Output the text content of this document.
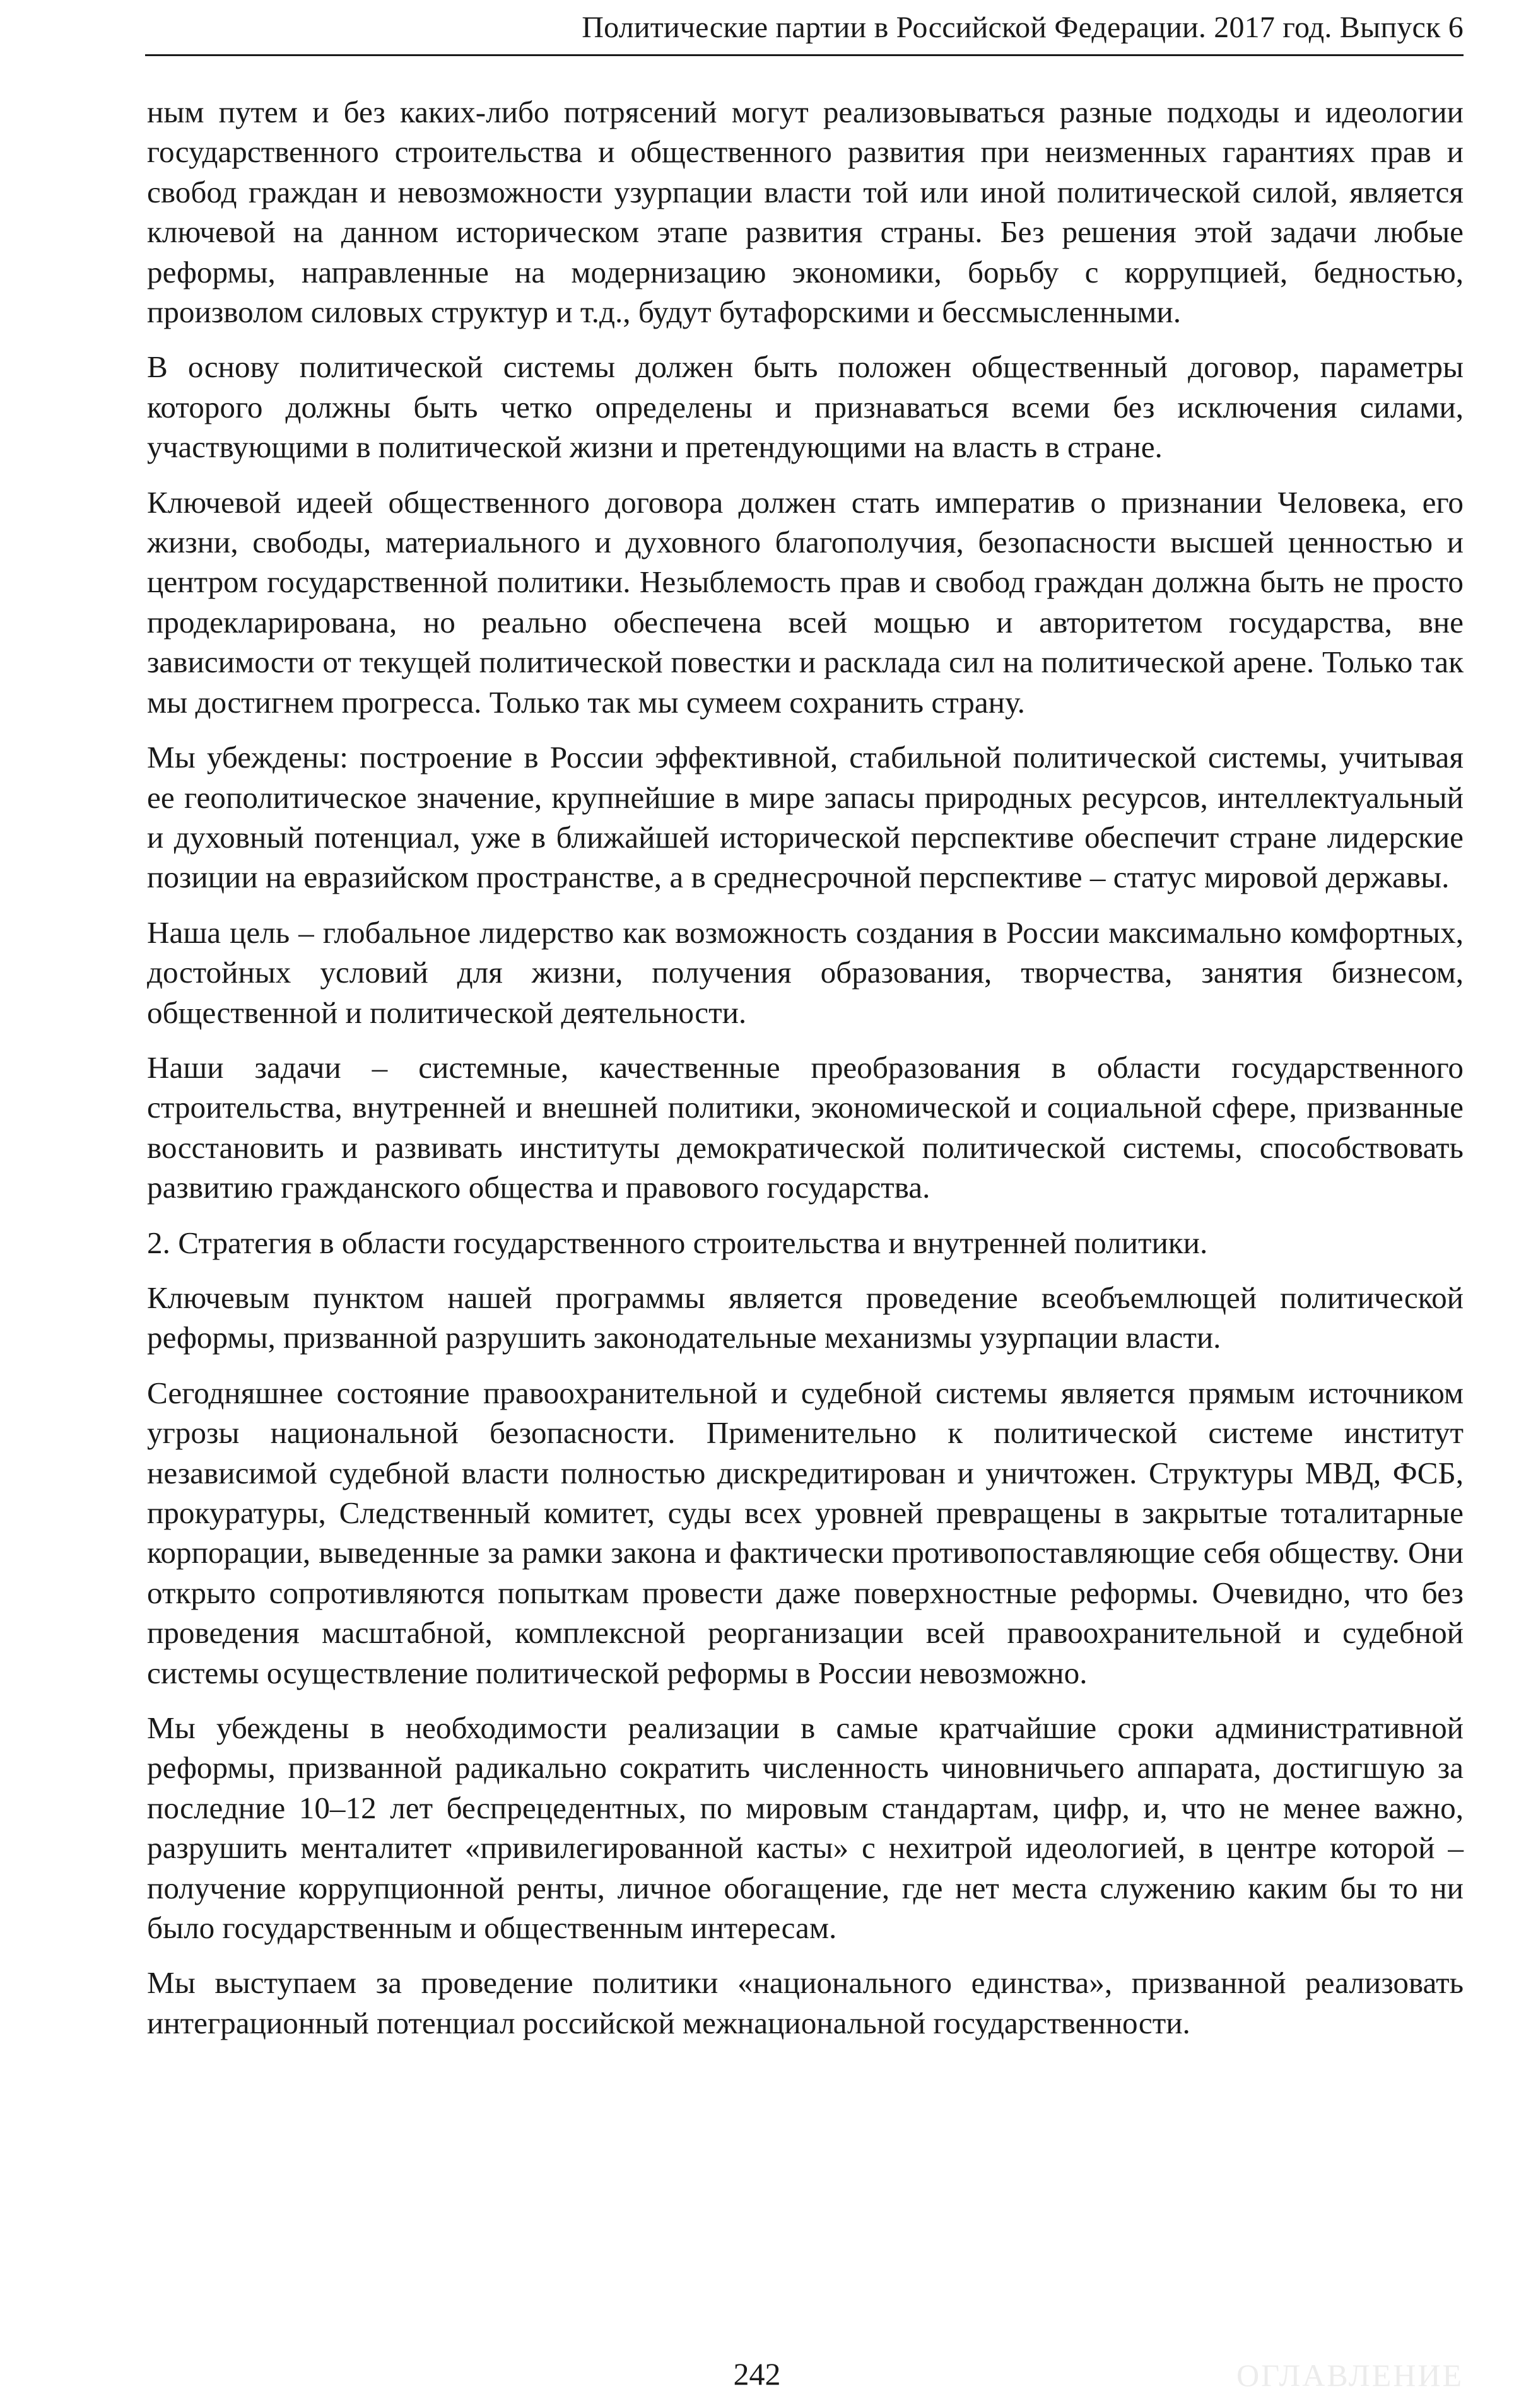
Политические партии в Российской Федерации. 2017 год. Выпуск 6

ным путем и без каких-либо потрясений могут реализовываться разные подходы и идеологии государственного строительства и общественного развития при неизменных гарантиях прав и свобод граждан и невозможности узурпации власти той или иной политической силой, является ключевой на данном историческом этапе развития страны. Без решения этой задачи любые реформы, направленные на модернизацию экономики, борьбу с коррупцией, бедностью, произволом силовых структур и т.д., будут бутафорскими и бессмысленными.

В основу политической системы должен быть положен общественный договор, параметры которого должны быть четко определены и признаваться всеми без исключения силами, участвующими в политической жизни и претендующими на власть в стране.

Ключевой идеей общественного договора должен стать императив о признании Человека, его жизни, свободы, материального и духовного благополучия, безопасности высшей ценностью и центром государственной политики. Незыблемость прав и свобод граждан должна быть не просто продекларирована, но реально обеспечена всей мощью и авторитетом государства, вне зависимости от текущей политической повестки и расклада сил на политической арене. Только так мы достигнем прогресса. Только так мы сумеем сохранить страну.

Мы убеждены: построение в России эффективной, стабильной политической системы, учитывая ее геополитическое значение, крупнейшие в мире запасы природных ресурсов, интеллектуальный и духовный потенциал, уже в ближайшей исторической перспективе обеспечит стране лидерские позиции на евразийском пространстве, а в среднесрочной перспективе – статус мировой державы.

Наша цель – глобальное лидерство как возможность создания в России максимально комфортных, достойных условий для жизни, получения образования, творчества, занятия бизнесом, общественной и политической деятельности.

Наши задачи – системные, качественные преобразования в области государственного строительства, внутренней и внешней политики, экономической и социальной сфере, призванные восстановить и развивать институты демократической политической системы, способствовать развитию гражданского общества и правового государства.

2. Стратегия в области государственного строительства и внутренней политики.

Ключевым пунктом нашей программы является проведение всеобъемлющей политической реформы, призванной разрушить законодательные механизмы узурпации власти.

Сегодняшнее состояние правоохранительной и судебной системы является прямым источником угрозы национальной безопасности. Применительно к политической системе институт независимой судебной власти полностью дискредитирован и уничтожен. Структуры МВД, ФСБ, прокуратуры, Следственный комитет, суды всех уровней превращены в закрытые тоталитарные корпорации, выведенные за рамки закона и фактически противопоставляющие себя обществу. Они открыто сопротивляются попыткам провести даже поверхностные реформы. Очевидно, что без проведения масштабной, комплексной реорганизации всей правоохранительной и судебной системы осуществление политической реформы в России невозможно.

Мы убеждены в необходимости реализации в самые кратчайшие сроки административной реформы, призванной радикально сократить численность чиновничьего аппарата, достигшую за последние 10–12 лет беспрецедентных, по мировым стандартам, цифр, и, что не менее важно, разрушить менталитет «привилегированной касты» с нехитрой идеологией, в центре которой – получение коррупционной ренты, личное обогащение, где нет места служению каким бы то ни было государственным и общественным интересам.

Мы выступаем за проведение политики «национального единства», призванной реализовать интеграционный потенциал российской межнациональной государственности.

242	ОГЛАВЛЕНИЕ
